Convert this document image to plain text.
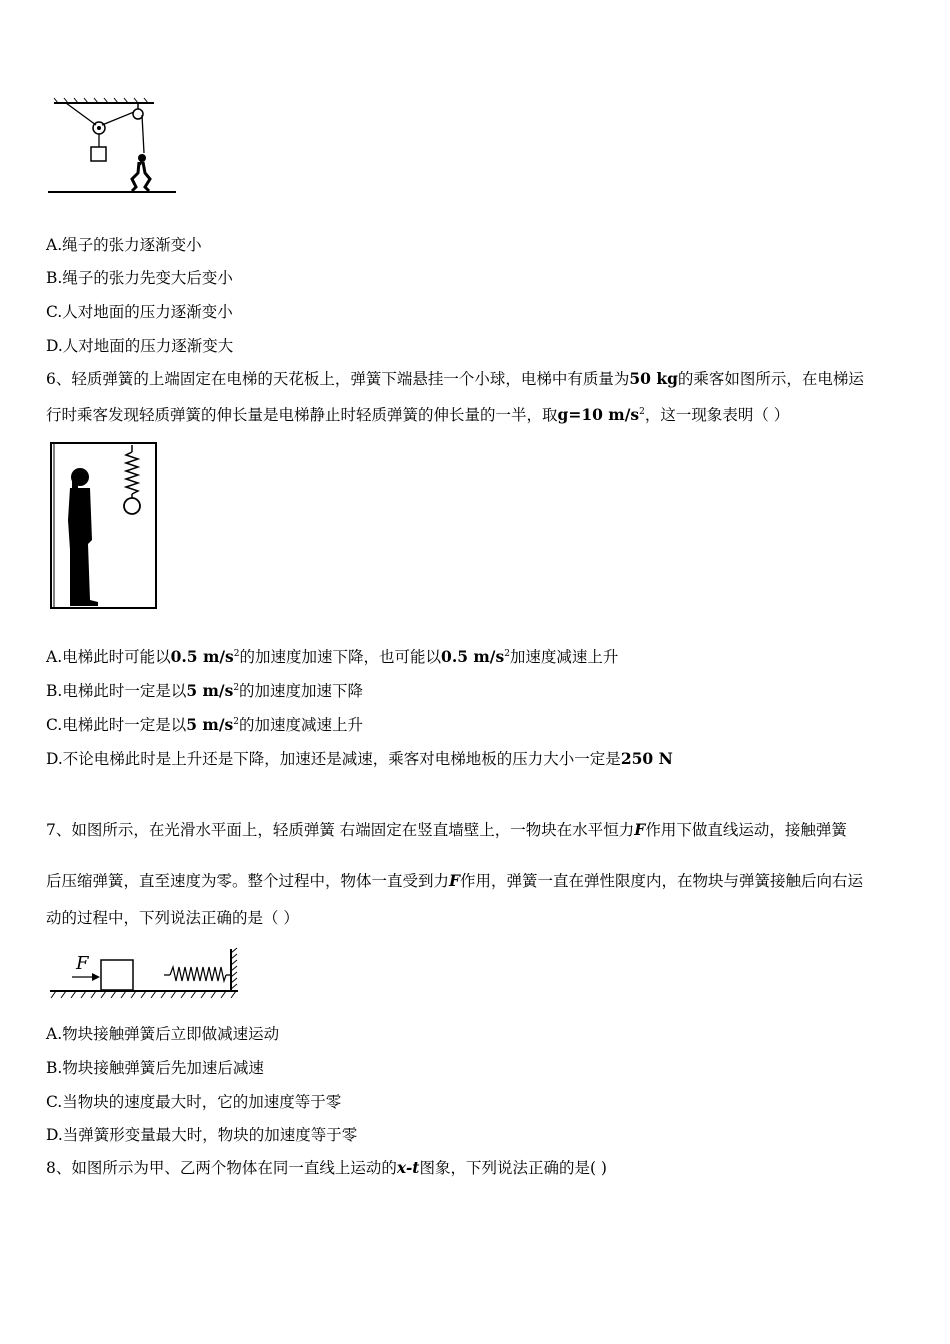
A.绳子的张力逐渐变小
B.绳子的张力先变大后变小
C.人对地面的压力逐渐变小
D.人对地面的压力逐渐变大
6、轻质弹簧的上端固定在电梯的天花板上，弹簧下端悬挂一个小球，电梯中有质量为50 kg的乘客如图所示，在电梯运
行时乘客发现轻质弹簧的伸长量是电梯静止时轻质弹簧的伸长量的一半，取g=10 $m/s^2$，这一现象表明（ ）
A.电梯此时可能以0.5 $m/s^2$的加速度加速下降，也可能以0.5 $m/s^2$加速度减速上升
B.电梯此时一定是以5 $m/s^2$的加速度加速下降
C.电梯此时一定是以5 $m/s^2$的加速度减速上升
D.不论电梯此时是上升还是下降，加速还是减速，乘客对电梯地板的压力大小一定是250 N
7、如图所示，在光滑水平面上，轻质弹簧 右端固定在竖直墙壁上，一物块在水平恒力F作用下做直线运动，接触弹簧
后压缩弹簧，直至速度为零。整个过程中，物体一直受到力F作用，弹簧一直在弹性限度内，在物块与弹簧接触后向右运
动的过程中，下列说法正确的是（ ）
F
A.物块接触弹簧后立即做减速运动
B.物块接触弹簧后先加速后减速
C.当物块的速度最大时，它的加速度等于零
D.当弹簧形变量最大时，物块的加速度等于零
8、如图所示为甲、乙两个物体在同一直线上运动的x-t图象，下列说法正确的是( )
